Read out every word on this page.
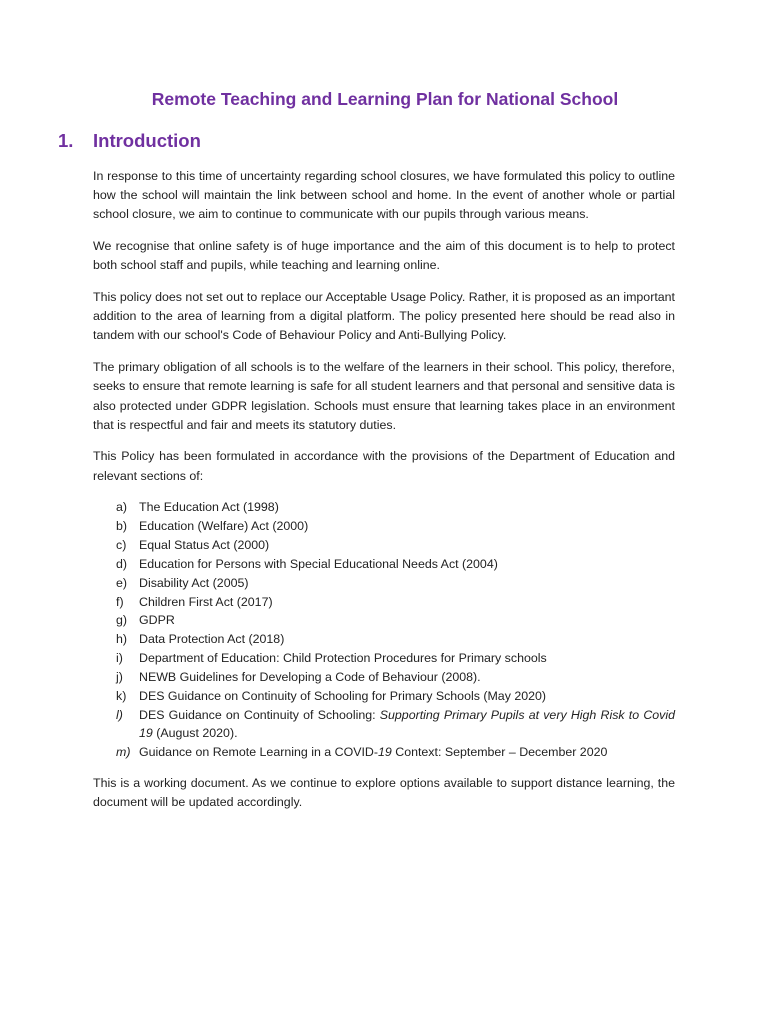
Remote Teaching and Learning Plan for National School
1. Introduction

In response to this time of uncertainty regarding school closures, we have formulated this policy to outline how the school will maintain the link between school and home. In the event of another whole or partial school closure, we aim to continue to communicate with our pupils through various means.

We recognise that online safety is of huge importance and the aim of this document is to help to protect both school staff and pupils, while teaching and learning online.

This policy does not set out to replace our Acceptable Usage Policy. Rather, it is proposed as an important addition to the area of learning from a digital platform. The policy presented here should be read also in tandem with our school's Code of Behaviour Policy and Anti-Bullying Policy.

The primary obligation of all schools is to the welfare of the learners in their school. This policy, therefore, seeks to ensure that remote learning is safe for all student learners and that personal and sensitive data is also protected under GDPR legislation. Schools must ensure that learning takes place in an environment that is respectful and fair and meets its statutory duties.

This Policy has been formulated in accordance with the provisions of the Department of Education and relevant sections of:

a) The Education Act (1998)
b) Education (Welfare) Act (2000)
c) Equal Status Act (2000)
d) Education for Persons with Special Educational Needs Act (2004)
e) Disability Act (2005)
f) Children First Act (2017)
g) GDPR
h) Data Protection Act (2018)
i) Department of Education: Child Protection Procedures for Primary schools
j) NEWB Guidelines for Developing a Code of Behaviour (2008).
k) DES Guidance on Continuity of Schooling for Primary Schools (May 2020)
l) DES Guidance on Continuity of Schooling: Supporting Primary Pupils at very High Risk to Covid 19 (August 2020).
m) Guidance on Remote Learning in a COVID-19 Context: September – December 2020

This is a working document. As we continue to explore options available to support distance learning, the document will be updated accordingly.
